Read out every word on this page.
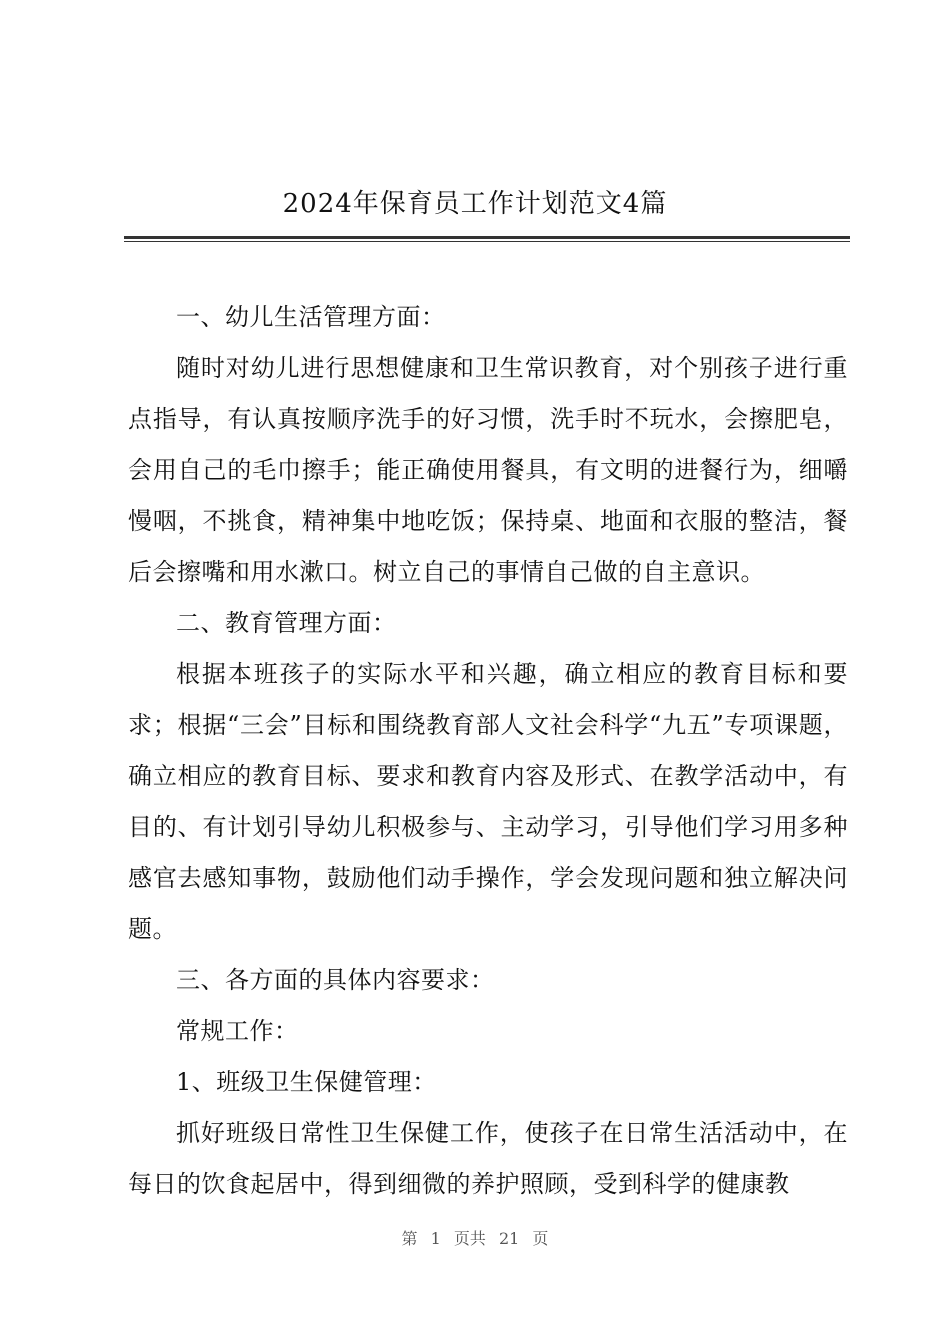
2024年保育员工作计划范文4篇

一、幼儿生活管理方面：

随时对幼儿进行思想健康和卫生常识教育，对个别孩子进行重点指导，有认真按顺序洗手的好习惯，洗手时不玩水，会擦肥皂，会用自己的毛巾擦手；能正确使用餐具，有文明的进餐行为，细嚼慢咽，不挑食，精神集中地吃饭；保持桌、地面和衣服的整洁，餐后会擦嘴和用水漱口。树立自己的事情自己做的自主意识。

二、教育管理方面：

根据本班孩子的实际水平和兴趣，确立相应的教育目标和要求；根据“三会”目标和围绕教育部人文社会科学“九五”专项课题，确立相应的教育目标、要求和教育内容及形式、在教学活动中，有目的、有计划引导幼儿积极参与、主动学习，引导他们学习用多种感官去感知事物，鼓励他们动手操作，学会发现问题和独立解决问题。

三、各方面的具体内容要求：

常规工作：

1、班级卫生保健管理：

抓好班级日常性卫生保健工作，使孩子在日常生活活动中，在每日的饮食起居中，得到细微的养护照顾，受到科学的健康教

第 1 页共 21 页
